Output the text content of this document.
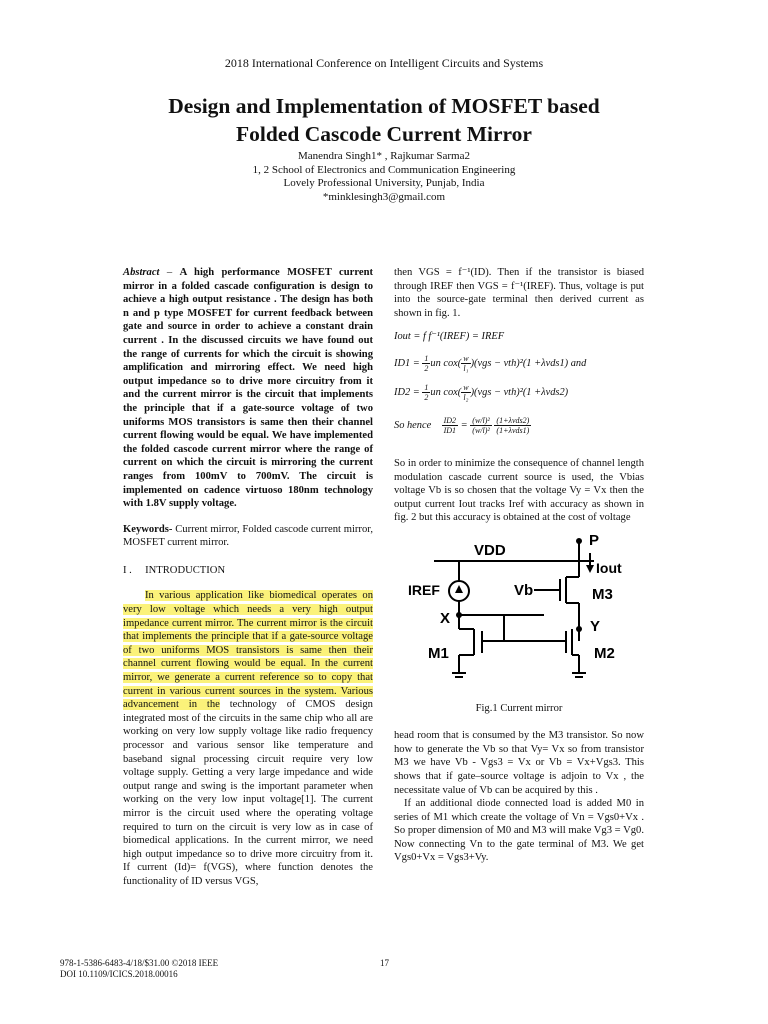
2018 International Conference on Intelligent Circuits and Systems
Design and Implementation of MOSFET based
Folded Cascode Current Mirror
Manendra Singh1* , Rajkumar Sarma2
1, 2 School of Electronics and Communication Engineering
Lovely Professional University, Punjab, India
*minklesingh3@gmail.com

Abstract – A high performance MOSFET current mirror in a folded cascade configuration is design to achieve a high output resistance . The design has both n and p type MOSFET for current feedback between gate and source in order to achieve a constant drain current . In the discussed circuits we have found out the range of currents for which the circuit is showing amplification and mirroring effect. We need high output impedance so to drive more circuitry from it and the current mirror is the circuit that implements the principle that if a gate-source voltage of two uniforms MOS transistors is same then their channel current flowing would be equal. We have implemented the folded cascode current mirror where the range of current on which the circuit is mirroring the current ranges from 100mV to 700mV. The circuit is implemented on cadence virtuoso 180nm technology with 1.8V supply voltage.

Keywords- Current mirror, Folded cascode current mirror, MOSFET current mirror.

I . INTRODUCTION

In various application like biomedical operates on very low voltage which needs a very high output impedance current mirror. The current mirror is the circuit that implements the principle that if a gate-source voltage of two uniforms MOS transistors is same then their channel current flowing would be equal. In the current mirror, we generate a current reference so to copy that current in various current sources in the system. Various advancement in the technology of CMOS design integrated most of the circuits in the same chip who all are working on very low supply voltage like radio frequency processor and various sensor like temperature and baseband signal processing circuit require very low voltage supply. Getting a very large impedance and wide output range and swing is the important parameter when working on the very low input voltage[1]. The current mirror is the circuit used where the operating voltage required to turn on the circuit is very low as in case of biomedical applications. In the current mirror, we need high output impedance so to drive more circuitry from it. If current (Id)= f(VGS), where function denotes the functionality of ID versus VGS,

then VGS = f⁻¹(ID). Then if the transistor is biased through IREF then VGS = f⁻¹(IREF). Thus, voltage is put into the source-gate terminal then derived current as shown in fig. 1.

Iout = f f⁻¹(IREF) = IREF
$ID1 = \frac{1}{2}$ un $cox( \frac{w}{\text{l₁}} )(vgs - vth)^2(1 +\lambda vds1)$ and
$ID2 = \frac{1}{2}$ un $cox( \frac{w}{\text{l₂}} )(vgs - vth)^2(1 +\lambda vds2)$
So hence $\frac{ID2}{ID1} = \frac{\text{(w/l)²}}{\text{(w/l)²}}$
$\frac{\text{(1+λvds2)}}{\text{(1+λvds1)}}$

So in order to minimize the consequence of channel length modulation cascade current source is used, the Vbias voltage Vb is so chosen that the voltage Vy = Vx then the output current Iout tracks Iref with accuracy as shown in fig. 2 but this accuracy is obtained at the cost of voltage

P
VDD
Iout
IREF	Vb	M3
X	Y
M1	M2
Fig.1 Current mirror

head room that is consumed by the M3 transistor. So now how to generate the Vb so that Vy= Vx so from transistor M3 we have Vb - Vgs3 = Vx or Vb = Vx+Vgs3. This shows that if gate–source voltage is adjoin to Vx , the necessitate value of Vb can be acquired by this .

If an additional diode connected load is added M0 in series of M1 which create the voltage of Vn = Vgs0+Vx . So proper dimension of M0 and M3 will make Vg3 = Vg0. Now connecting Vn to the gate terminal of M3. We get Vgs0+Vx = Vgs3+Vy.

978-1-5386-6483-4/18/$31.00 ©2018 IEEE
DOI 10.1109/ICICS.2018.00016
17
